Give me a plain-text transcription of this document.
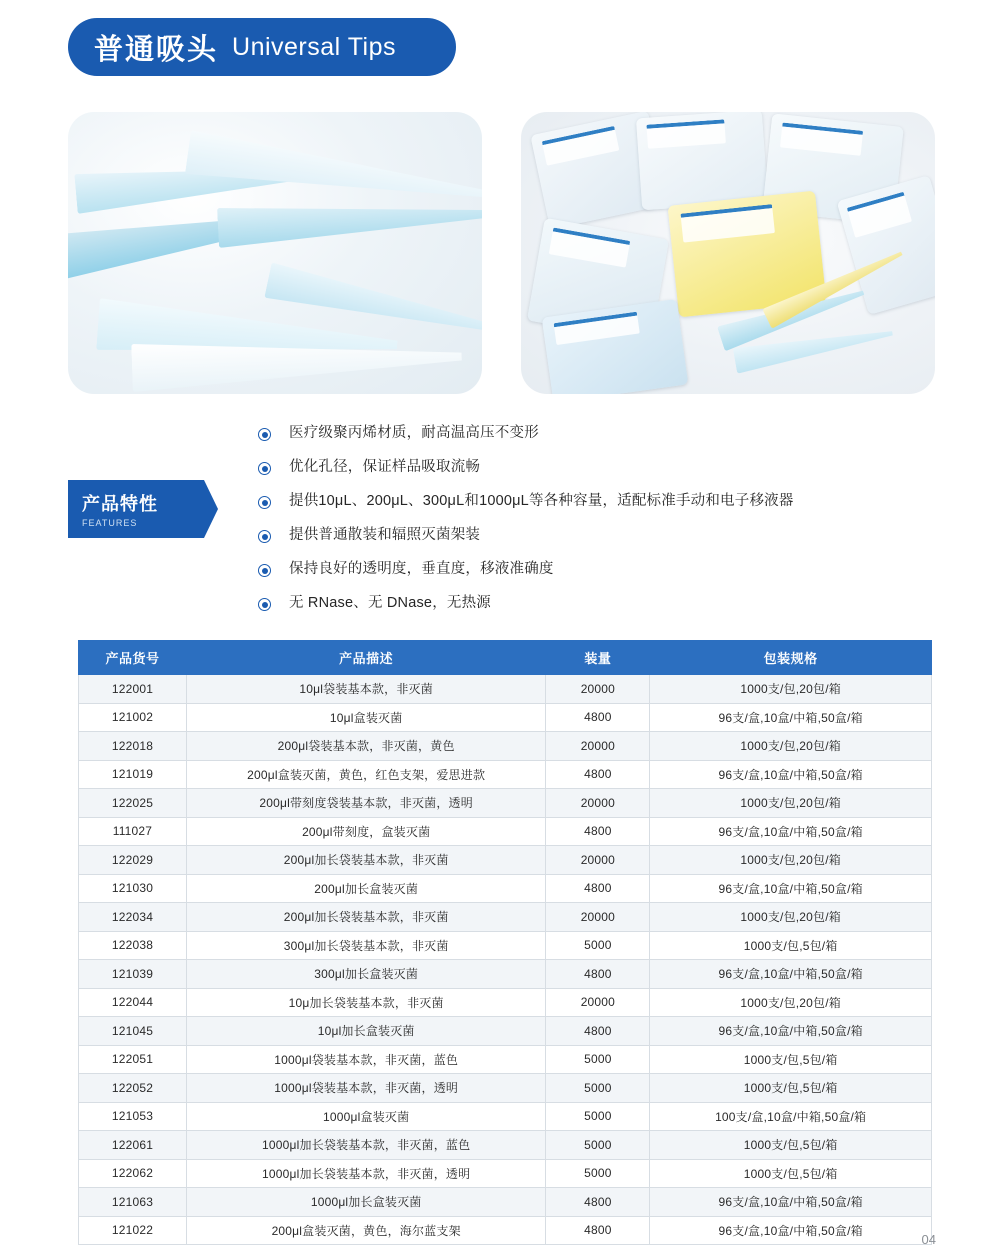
普通吸头 Universal Tips
产品特性
FEATURES
医疗级聚丙烯材质，耐高温高压不变形
优化孔径，保证样品吸取流畅
提供10μL、200μL、300μL和1000μL等各种容量，适配标准手动和电子移液器
提供普通散装和辐照灭菌架装
保持良好的透明度，垂直度，移液准确度
无 RNase、无 DNase，无热源
产品货号	产品描述	装量	包装规格
122001	10μl袋装基本款，非灭菌	20000	1000支/包,20包/箱
121002	10μl盒装灭菌	4800	96支/盒,10盒/中箱,50盒/箱
122018	200μl袋装基本款，非灭菌，黄色	20000	1000支/包,20包/箱
121019	200μl盒装灭菌，黄色，红色支架，爱思进款	4800	96支/盒,10盒/中箱,50盒/箱
122025	200μl带刻度袋装基本款，非灭菌，透明	20000	1000支/包,20包/箱
111027	200μl带刻度，盒装灭菌	4800	96支/盒,10盒/中箱,50盒/箱
122029	200μl加长袋装基本款，非灭菌	20000	1000支/包,20包/箱
121030	200μl加长盒装灭菌	4800	96支/盒,10盒/中箱,50盒/箱
122034	200μl加长袋装基本款，非灭菌	20000	1000支/包,20包/箱
122038	300μl加长袋装基本款，非灭菌	5000	1000支/包,5包/箱
121039	300μl加长盒装灭菌	4800	96支/盒,10盒/中箱,50盒/箱
122044	10μ加长袋装基本款，非灭菌	20000	1000支/包,20包/箱
121045	10μl加长盒装灭菌	4800	96支/盒,10盒/中箱,50盒/箱
122051	1000μl袋装基本款，非灭菌，蓝色	5000	1000支/包,5包/箱
122052	1000μl袋装基本款，非灭菌，透明	5000	1000支/包,5包/箱
121053	1000μl盒装灭菌	5000	100支/盒,10盒/中箱,50盒/箱
122061	1000μl加长袋装基本款，非灭菌，蓝色	5000	1000支/包,5包/箱
122062	1000μl加长袋装基本款，非灭菌，透明	5000	1000支/包,5包/箱
121063	1000μl加长盒装灭菌	4800	96支/盒,10盒/中箱,50盒/箱
121022	200μl盒装灭菌，黄色，海尔蓝支架	4800	96支/盒,10盒/中箱,50盒/箱
04
